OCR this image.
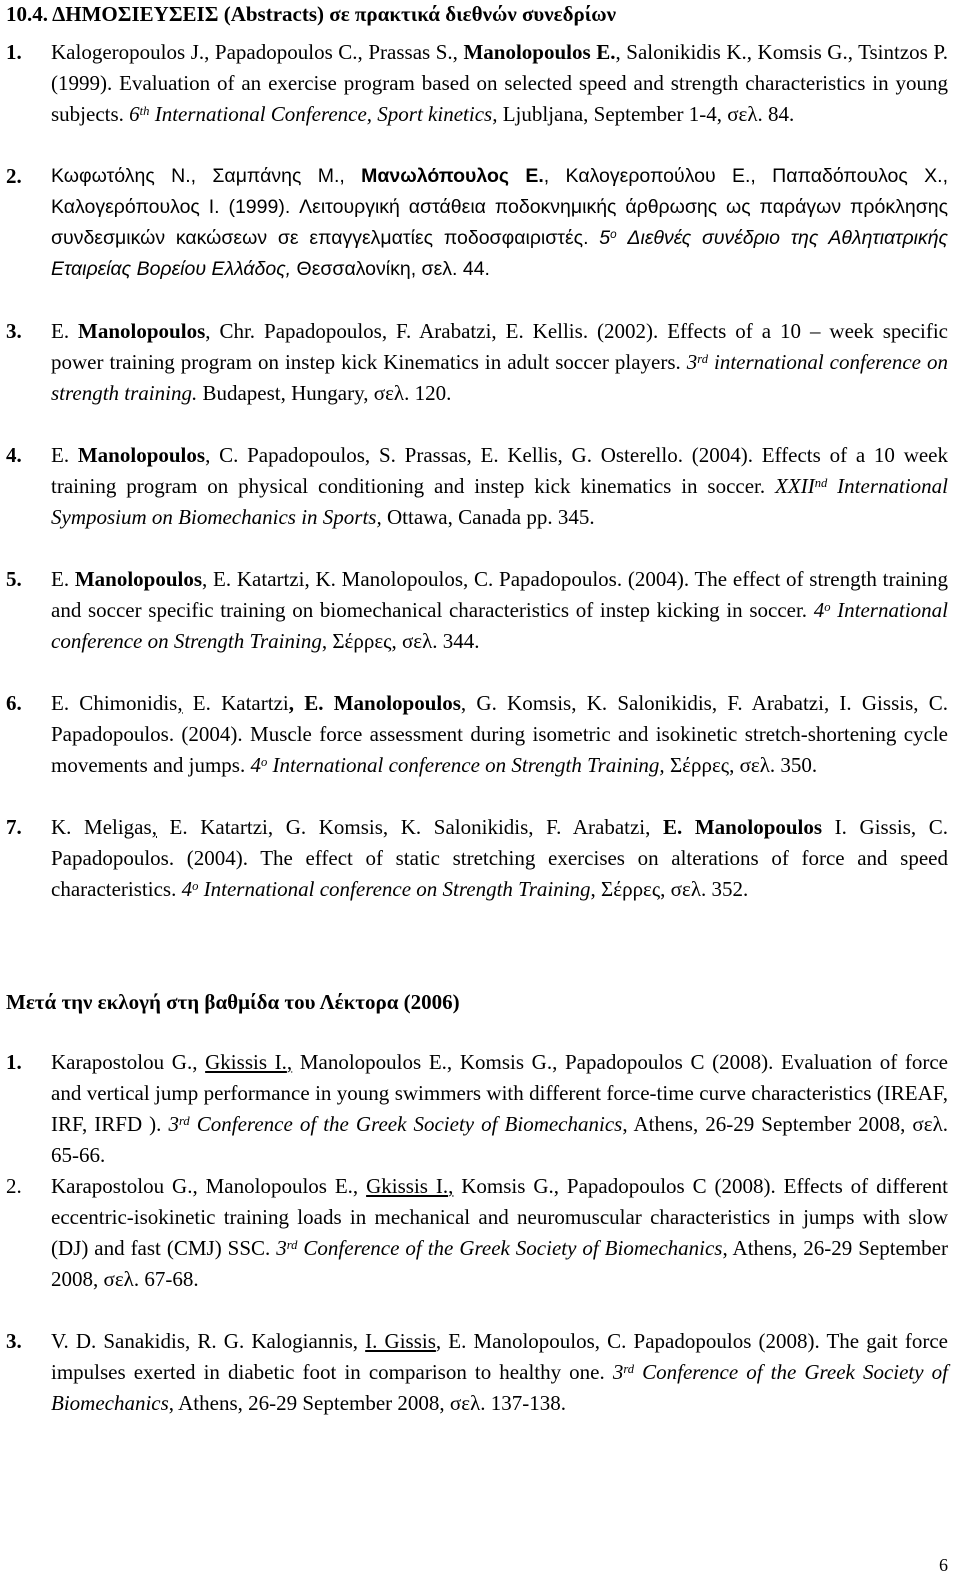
10.4. ΔΗΜΟΣΙΕΥΣΕΙΣ (Abstracts) σε πρακτικά διεθνών συνεδρίων
1. Kalogeropoulos J., Papadopoulos C., Prassas S., Manolopoulos E., Salonikidis K., Komsis G., Tsintzos P. (1999). Evaluation of an exercise program based on selected speed and strength characteristics in young subjects. 6th International Conference, Sport kinetics, Ljubljana, September 1-4, σελ. 84.
2. Κωφωτόλης N., Σαμπάνης M., Μανωλόπουλος E., Καλογεροπούλου E., Παπαδόπουλος X., Καλογερόπουλος I. (1999). Λειτουργική αστάθεια ποδοκνημικής άρθρωσης ως παράγων πρόκλησης συνδεσμικών κακώσεων σε επαγγελματίες ποδοσφαιριστές. 5$^o$ Διεθνές συνέδριο της Αθλητιατρικής Εταιρείας Βορείου Ελλάδος, Θεσσαλονίκη, σελ. 44.
3. E. Manolopoulos, Chr. Papadopoulos, F. Arabatzi, E. Kellis. (2002). Effects of a 10 – week specific power training program on instep kick Kinematics in adult soccer players. 3rd international conference on strength training. Budapest, Hungary, σελ. 120.
4. E. Manolopoulos, C. Papadopoulos, S. Prassas, E. Kellis, G. Osterello. (2004). Effects of a 10 week training program on physical conditioning and instep kick kinematics in soccer. XXIInd International Symposium on Biomechanics in Sports, Ottawa, Canada pp. 345.
5. E. Manolopoulos, E. Katartzi, K. Manolopoulos, C. Papadopoulos. (2004). The effect of strength training and soccer specific training on biomechanical characteristics of instep kicking in soccer. 4$^o$ International conference on Strength Training, Σέρρες, σελ. 344.
6. E. Chimonidis, E. Katartzi, E. Manolopoulos, G. Komsis, K. Salonikidis, F. Arabatzi, I. Gissis, C. Papadopoulos. (2004). Muscle force assessment during isometric and isokinetic stretch-shortening cycle movements and jumps. 4$^o$ International conference on Strength Training, Σέρρες, σελ. 350.
7. K. Meligas, E. Katartzi, G. Komsis, K. Salonikidis, F. Arabatzi, E. Manolopoulos I. Gissis, C. Papadopoulos. (2004). The effect of static stretching exercises on alterations of force and speed characteristics. 4$^o$ International conference on Strength Training, Σέρρες, σελ. 352.
Μετά την εκλογή στη βαθμίδα του Λέκτορα (2006)
1. Karapostolou G., Gkissis I., Manolopoulos E., Komsis G., Papadopoulos C (2008). Evaluation of force and vertical jump performance in young swimmers with different force-time curve characteristics (IREAF, IRF, IRFD ). 3rd Conference of the Greek Society of Biomechanics, Athens, 26-29 September 2008, σελ. 65-66.
2. Karapostolou G., Manolopoulos E., Gkissis I., Komsis G., Papadopoulos C (2008). Effects of different eccentric-isokinetic training loads in mechanical and neuromuscular characteristics in jumps with slow (DJ) and fast (CMJ) SSC. 3rd Conference of the Greek Society of Biomechanics, Athens, 26-29 September 2008, σελ. 67-68.
3. V. D. Sanakidis, R. G. Kalogiannis, I. Gissis, E. Manolopoulos, C. Papadopoulos (2008). The gait force impulses exerted in diabetic foot in comparison to healthy one. 3rd Conference of the Greek Society of Biomechanics, Athens, 26-29 September 2008, σελ. 137-138.
6
